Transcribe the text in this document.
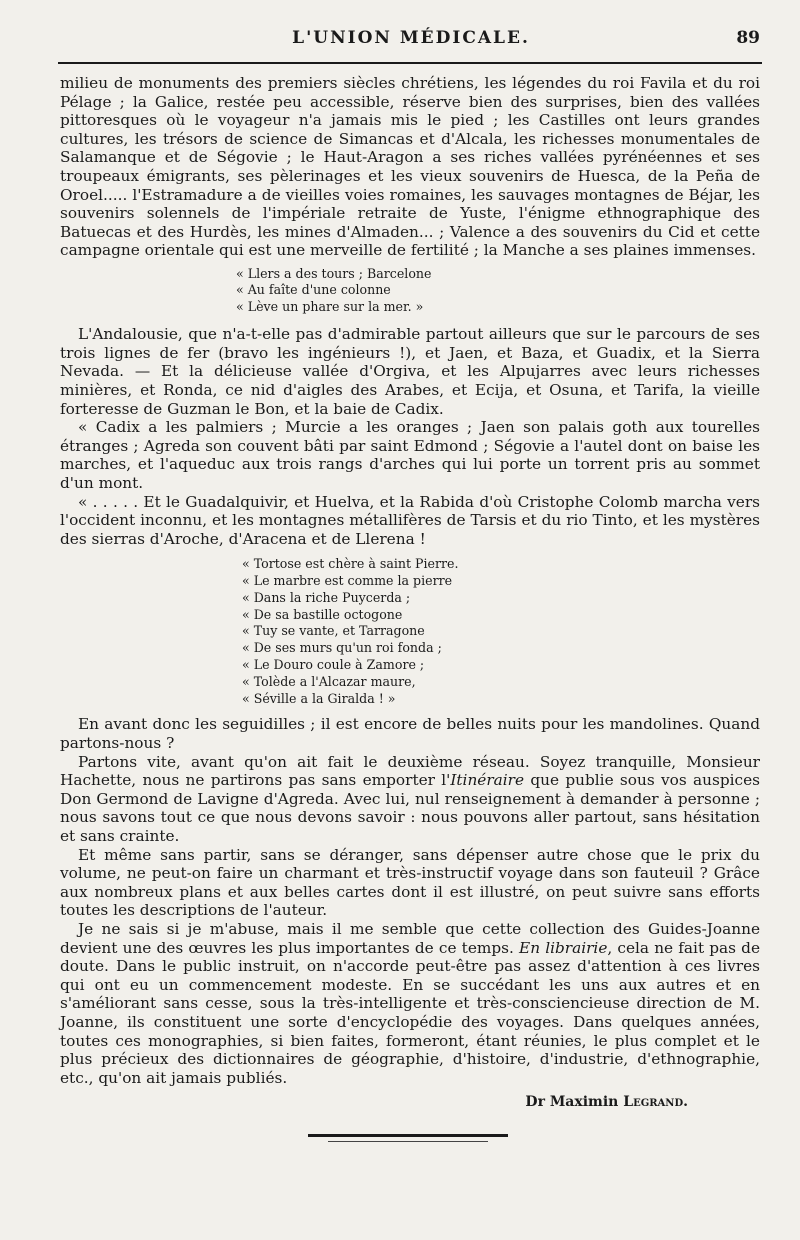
L'UNION MÉDICALE.	89

milieu de monuments des premiers siècles chrétiens, les légendes du roi Favila et du roi Pélage ; la Galice, restée peu accessible, réserve bien des surprises, bien des vallées pittoresques où le voyageur n'a jamais mis le pied ; les Castilles ont leurs grandes cultures, les trésors de science de Simancas et d'Alcala, les richesses monumentales de Salamanque et de Ségovie ; le Haut-Aragon a ses riches vallées pyrénéennes et ses troupeaux émigrants, ses pèlerinages et les vieux souvenirs de Huesca, de la Peña de Oroel..... l'Estramadure a de vieilles voies romaines, les sauvages montagnes de Béjar, les souvenirs solennels de l'impériale retraite de Yuste, l'énigme ethnographique des Batuecas et des Hurdès, les mines d'Almaden... ; Valence a des souvenirs du Cid et cette campagne orientale qui est une merveille de fertilité ; la Manche a ses plaines immenses.

« Llers a des tours ; Barcelone
« Au faîte d'une colonne
« Lève un phare sur la mer. »

L'Andalousie, que n'a-t-elle pas d'admirable partout ailleurs que sur le parcours de ses trois lignes de fer (bravo les ingénieurs !), et Jaen, et Baza, et Guadix, et la Sierra Nevada. — Et la délicieuse vallée d'Orgiva, et les Alpujarres avec leurs richesses minières, et Ronda, ce nid d'aigles des Arabes, et Ecija, et Osuna, et Tarifa, la vieille forteresse de Guzman le Bon, et la baie de Cadix.

« Cadix a les palmiers ; Murcie a les oranges ; Jaen son palais goth aux tourelles étranges ; Agreda son couvent bâti par saint Edmond ; Ségovie a l'autel dont on baise les marches, et l'aqueduc aux trois rangs d'arches qui lui porte un torrent pris au sommet d'un mont.

« . . . . . Et le Guadalquivir, et Huelva, et la Rabida d'où Cristophe Colomb marcha vers l'occident inconnu, et les montagnes métallifères de Tarsis et du rio Tinto, et les mystères des sierras d'Aroche, d'Aracena et de Llerena !

« Tortose est chère à saint Pierre.
« Le marbre est comme la pierre
« Dans la riche Puycerda ;
« De sa bastille octogone
« Tuy se vante, et Tarragone
« De ses murs qu'un roi fonda ;
« Le Douro coule à Zamore ;
« Tolède a l'Alcazar maure,
« Séville a la Giralda ! »

En avant donc les seguidilles ; il est encore de belles nuits pour les mandolines. Quand partons-nous ?

Partons vite, avant qu'on ait fait le deuxième réseau. Soyez tranquille, Monsieur Hachette, nous ne partirons pas sans emporter l'Itinéraire que publie sous vos auspices Don Germond de Lavigne d'Agreda. Avec lui, nul renseignement à demander à personne ; nous savons tout ce que nous devons savoir : nous pouvons aller partout, sans hésitation et sans crainte.

Et même sans partir, sans se déranger, sans dépenser autre chose que le prix du volume, ne peut-on faire un charmant et très-instructif voyage dans son fauteuil ? Grâce aux nombreux plans et aux belles cartes dont il est illustré, on peut suivre sans efforts toutes les descriptions de l'auteur.

Je ne sais si je m'abuse, mais il me semble que cette collection des Guides-Joanne devient une des œuvres les plus importantes de ce temps. En librairie, cela ne fait pas de doute. Dans le public instruit, on n'accorde peut-être pas assez d'attention à ces livres qui ont eu un commencement modeste. En se succédant les uns aux autres et en s'améliorant sans cesse, sous la très-intelligente et très-consciencieuse direction de M. Joanne, ils constituent une sorte d'encyclopédie des voyages. Dans quelques années, toutes ces monographies, si bien faites, formeront, étant réunies, le plus complet et le plus précieux des dictionnaires de géographie, d'histoire, d'industrie, d'ethnographie, etc., qu'on ait jamais publiés.

Dr Maximin Legrand.
